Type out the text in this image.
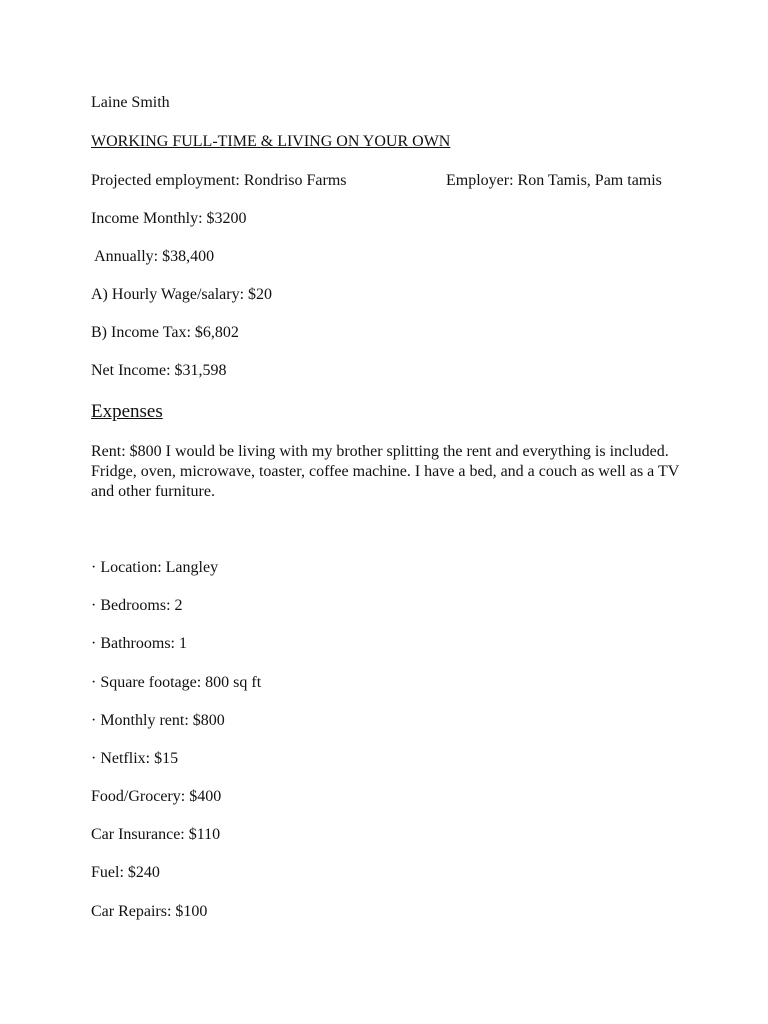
Laine Smith
WORKING FULL-TIME & LIVING ON YOUR OWN
Projected employment: Rondriso Farms	Employer: Ron Tamis, Pam tamis
Income Monthly: $3200
Annually: $38,400
A) Hourly Wage/salary: $20
B) Income Tax: $6,802
Net Income: $31,598
Expenses
Rent: $800 I would be living with my brother splitting the rent and everything is included. Fridge, oven, microwave, toaster, coffee machine. I have a bed, and a couch as well as a TV and other furniture.
· Location: Langley
· Bedrooms: 2
· Bathrooms: 1
· Square footage: 800 sq ft
· Monthly rent: $800
· Netflix: $15
Food/Grocery: $400
Car Insurance: $110
Fuel: $240
Car Repairs: $100
